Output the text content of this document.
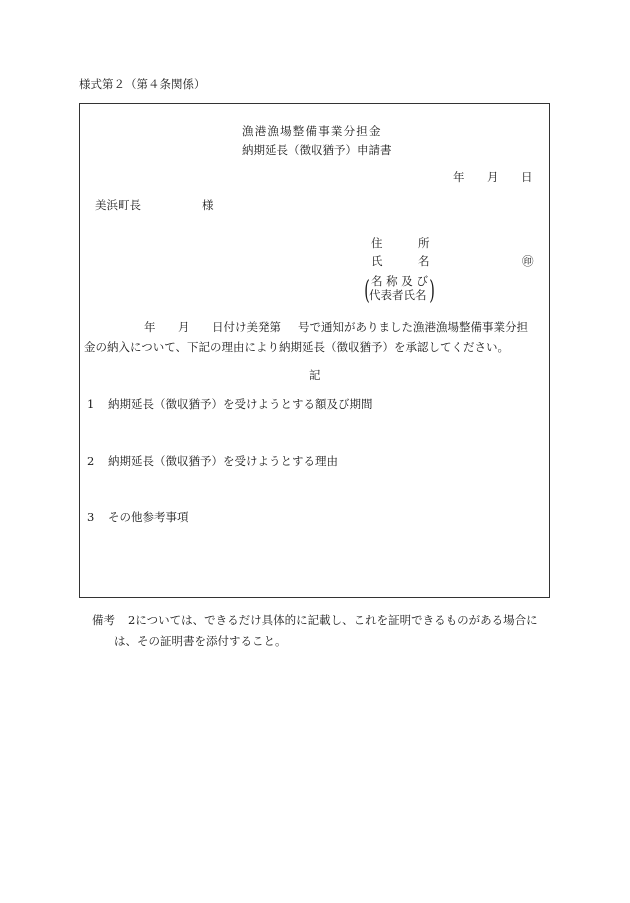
様式第２（第４条関係）
漁港漁場整備事業分担金
納期延長（徴収猶予）申請書
年 月 日
美浜町長	様
住	所
氏	名	㊞
( 名 称 及 び
代表者氏名 )
年 月 日付け美発第 号で通知がありました漁港漁場整備事業分担
金の納入について、下記の理由により納期延長（徴収猶予）を承認してください。
記
1 納期延長（徴収猶予）を受けようとする額及び期間
2 納期延長（徴収猶予）を受けようとする理由
3 その他参考事項
備考 2については、できるだけ具体的に記載し、これを証明できるものがある場合に
は、その証明書を添付すること。
